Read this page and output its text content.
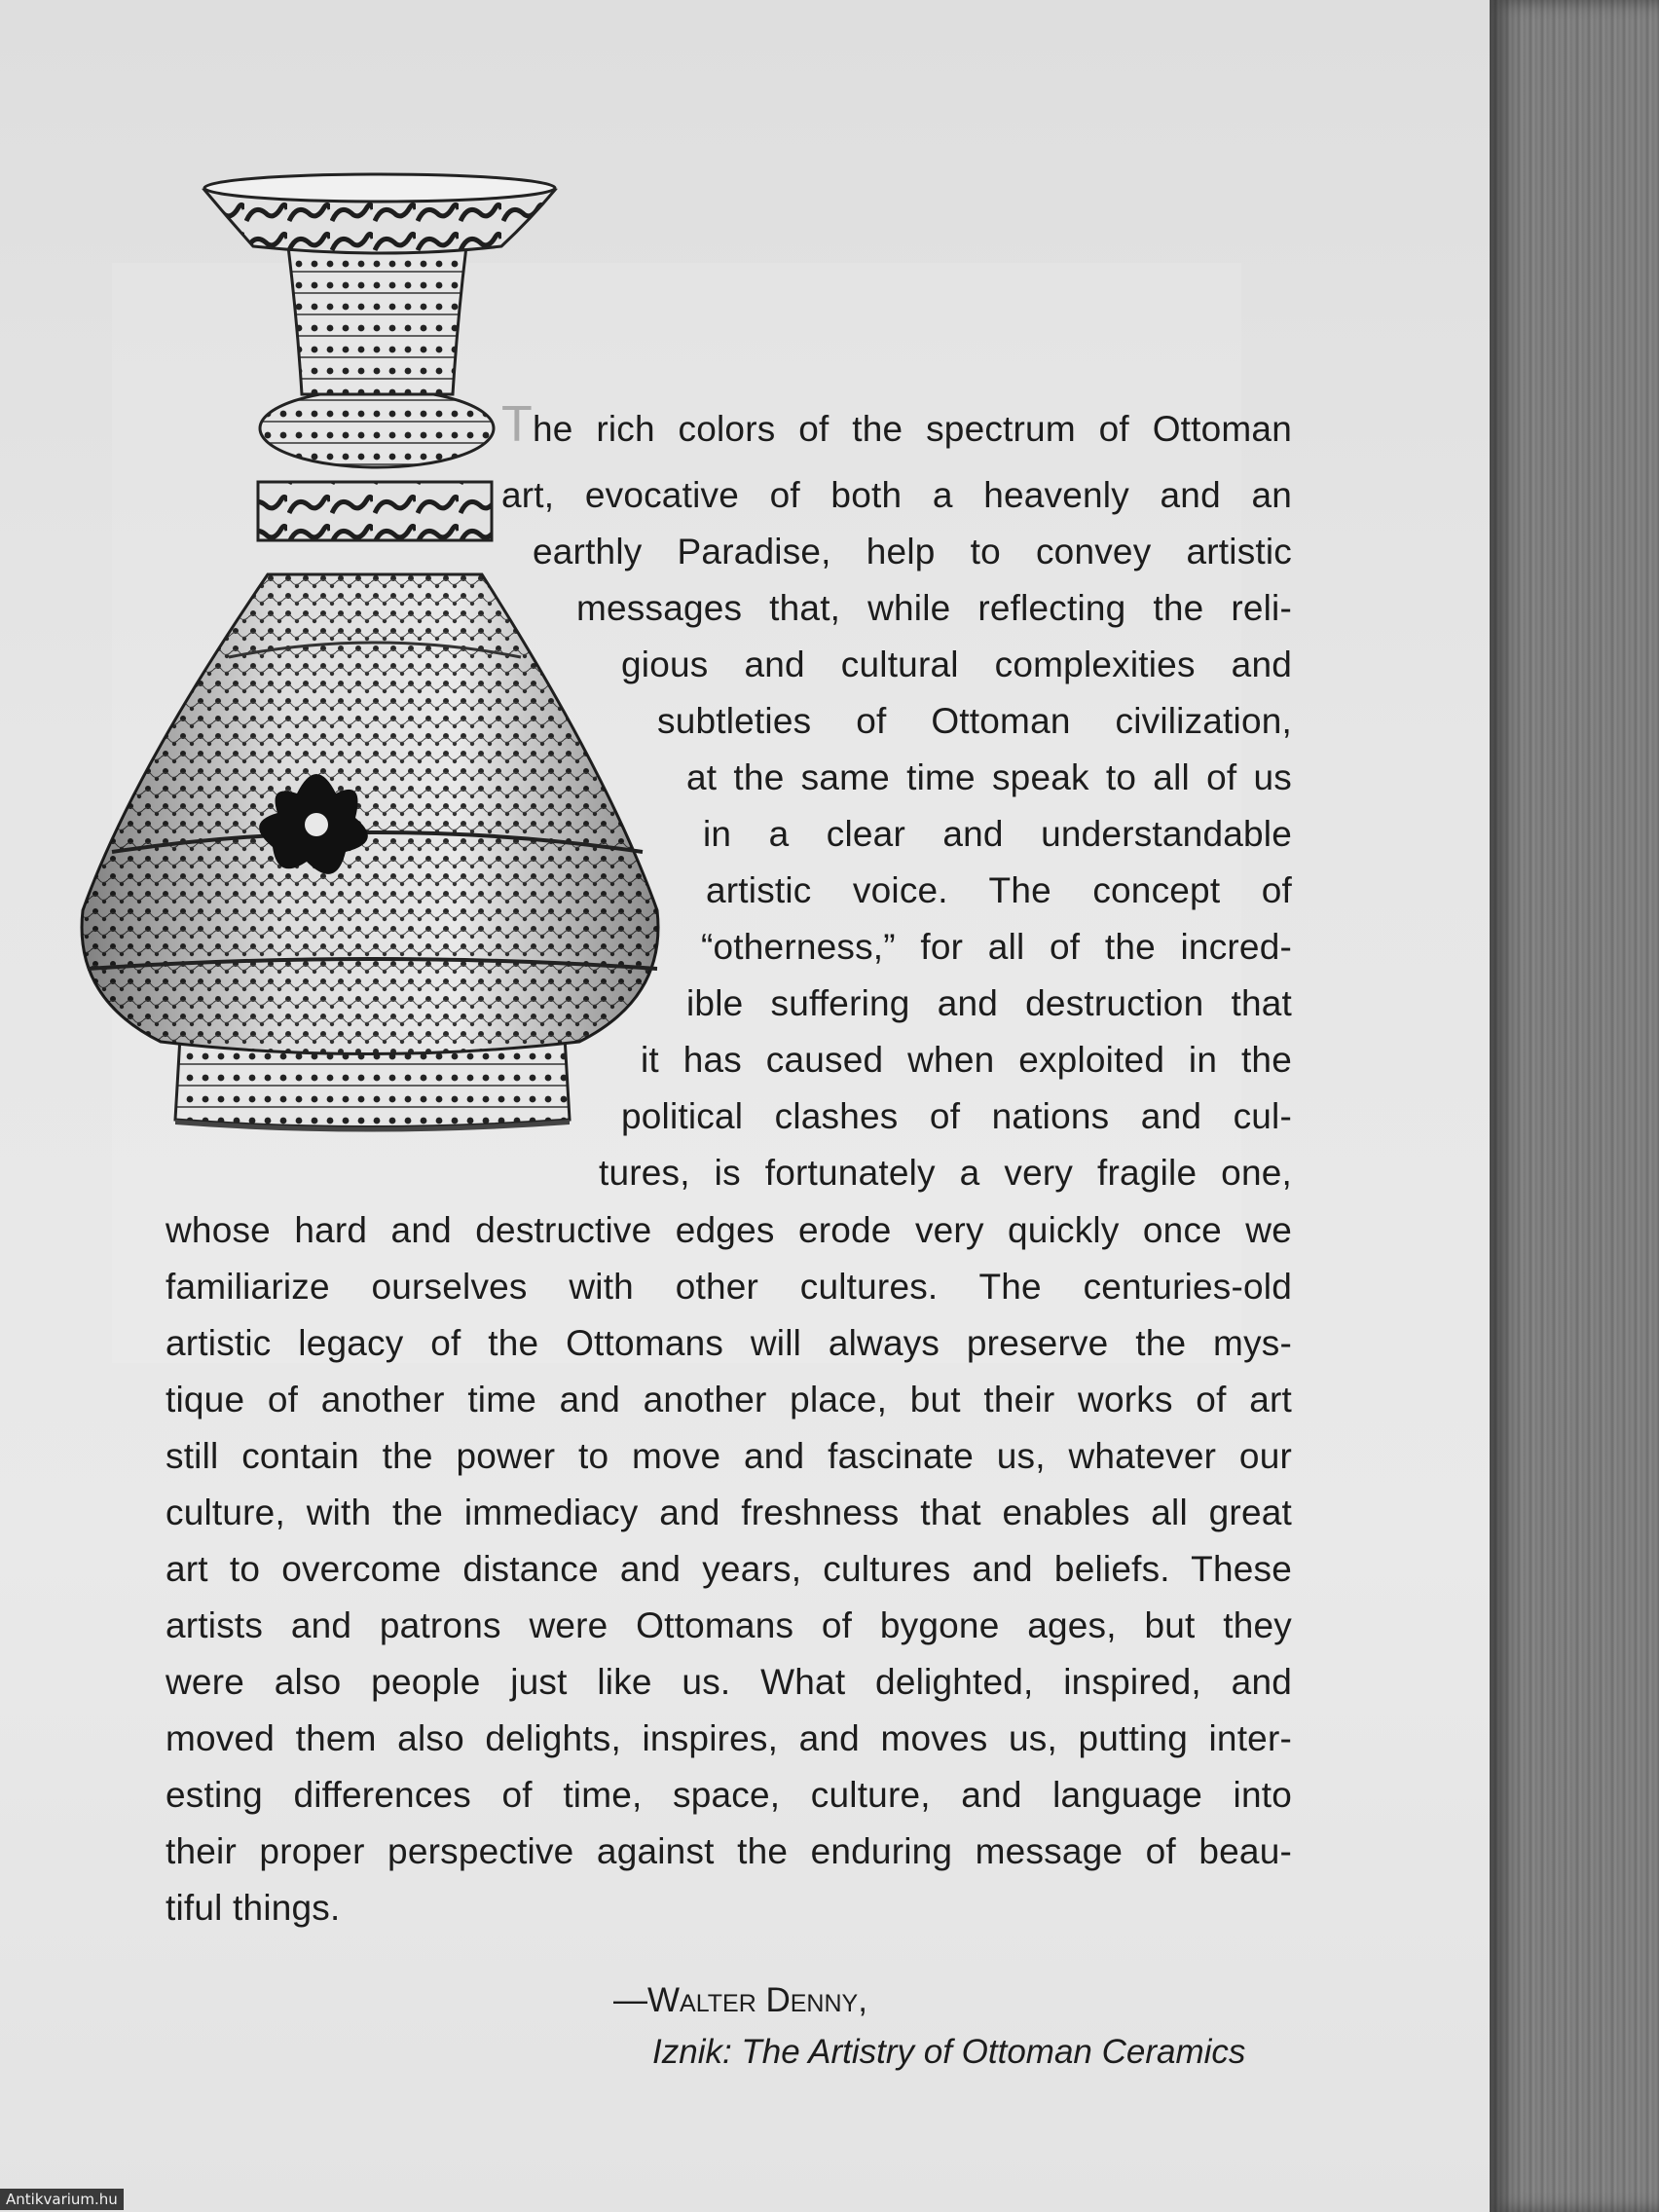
The rich colors of the spectrum of Ottoman
art, evocative of both a heavenly and an
earthly Paradise, help to convey artistic
messages that, while reflecting the reli-
gious and cultural complexities and
subtleties of Ottoman civilization,
at the same time speak to all of us
in a clear and understandable
artistic voice. The concept of
“otherness,” for all of the incred-
ible suffering and destruction that
it has caused when exploited in the
political clashes of nations and cul-
tures, is fortunately a very fragile one,
whose hard and destructive edges erode very quickly once we
familiarize ourselves with other cultures. The centuries-old
artistic legacy of the Ottomans will always preserve the mys-
tique of another time and another place, but their works of art
still contain the power to move and fascinate us, whatever our
culture, with the immediacy and freshness that enables all great
art to overcome distance and years, cultures and beliefs. These
artists and patrons were Ottomans of bygone ages, but they
were also people just like us. What delighted, inspired, and
moved them also delights, inspires, and moves us, putting inter-
esting differences of time, space, culture, and language into
their proper perspective against the enduring message of beau-
tiful things.
—Walter Denny,
Iznik: The Artistry of Ottoman Ceramics
Antikvarium.hu
